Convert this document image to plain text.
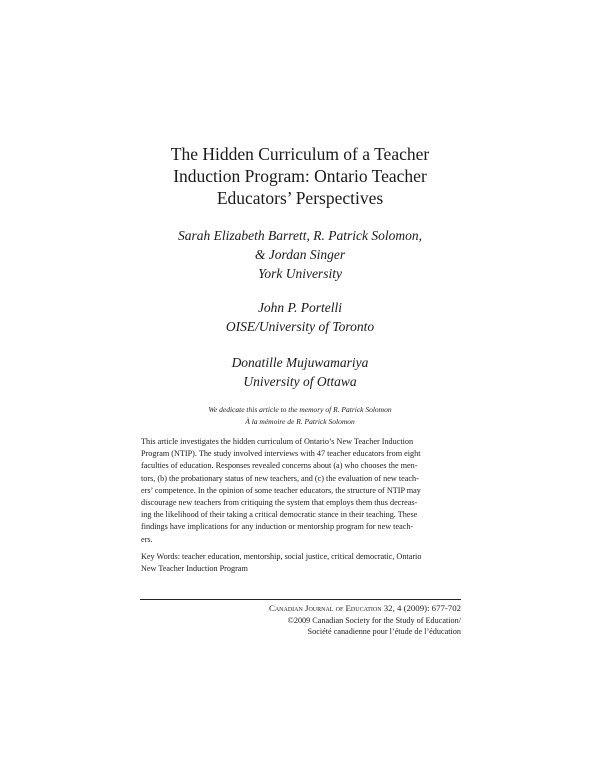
The Hidden Curriculum of a Teacher
Induction Program: Ontario Teacher
Educators’ Perspectives
Sarah Elizabeth Barrett, R. Patrick Solomon,
& Jordan Singer
York University
John P. Portelli
OISE/University of Toronto
Donatille Mujuwamariya
University of Ottawa
We dedicate this article to the memory of R. Patrick Solomon
À la mémoire de R. Patrick Solomon
This article investigates the hidden curriculum of Ontario’s New Teacher Induction
Program (NTIP). The study involved interviews with 47 teacher educators from eight
faculties of education. Responses revealed concerns about (a) who chooses the men-
tors, (b) the probationary status of new teachers, and (c) the evaluation of new teach-
ers’ competence. In the opinion of some teacher educators, the structure of NTIP may
discourage new teachers from critiquing the system that employs them thus decreas-
ing the likelihood of their taking a critical democratic stance in their teaching. These
findings have implications for any induction or mentorship program for new teach-
ers.
Key Words: teacher education, mentorship, social justice, critical democratic, Ontario
New Teacher Induction Program
Canadian Journal of Education 32, 4 (2009): 677-702
©2009 Canadian Society for the Study of Education/
Société canadienne pour l’étude de l’éducation
